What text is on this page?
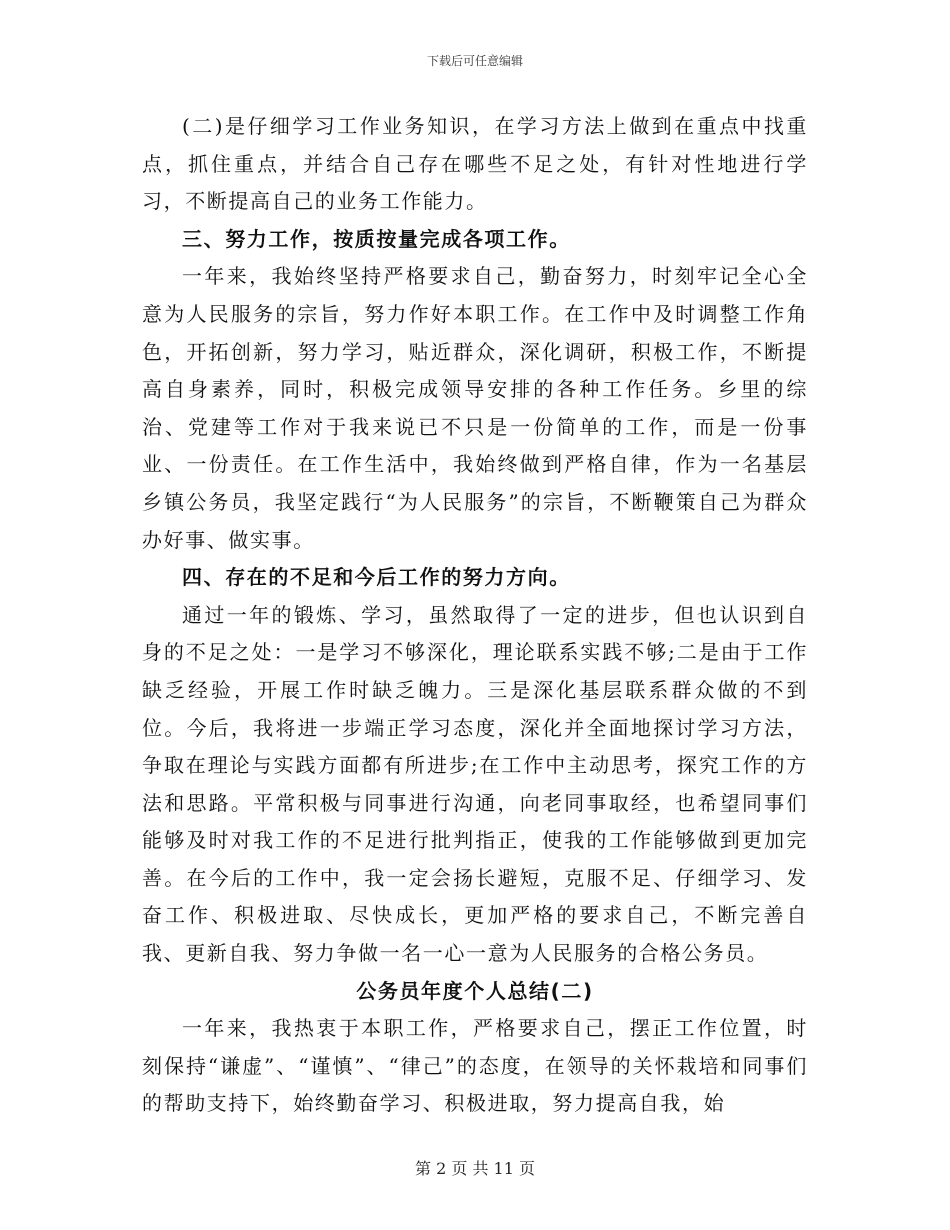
下载后可任意编辑

(二)是仔细学习工作业务知识，在学习方法上做到在重点中找重点，抓住重点，并结合自己存在哪些不足之处，有针对性地进行学习，不断提高自己的业务工作能力。

三、努力工作，按质按量完成各项工作。

一年来，我始终坚持严格要求自己，勤奋努力，时刻牢记全心全意为人民服务的宗旨，努力作好本职工作。在工作中及时调整工作角色，开拓创新，努力学习，贴近群众，深化调研，积极工作，不断提高自身素养，同时，积极完成领导安排的各种工作任务。乡里的综治、党建等工作对于我来说已不只是一份简单的工作，而是一份事业、一份责任。在工作生活中，我始终做到严格自律，作为一名基层乡镇公务员，我坚定践行“为人民服务”的宗旨，不断鞭策自己为群众办好事、做实事。

四、存在的不足和今后工作的努力方向。

通过一年的锻炼、学习，虽然取得了一定的进步，但也认识到自身的不足之处：一是学习不够深化，理论联系实践不够;二是由于工作缺乏经验，开展工作时缺乏魄力。三是深化基层联系群众做的不到位。今后，我将进一步端正学习态度，深化并全面地探讨学习方法，争取在理论与实践方面都有所进步;在工作中主动思考，探究工作的方法和思路。平常积极与同事进行沟通，向老同事取经，也希望同事们能够及时对我工作的不足进行批判指正，使我的工作能够做到更加完善。在今后的工作中，我一定会扬长避短，克服不足、仔细学习、发奋工作、积极进取、尽快成长，更加严格的要求自己，不断完善自我、更新自我、努力争做一名一心一意为人民服务的合格公务员。

公务员年度个人总结(二)

一年来，我热衷于本职工作，严格要求自己，摆正工作位置，时刻保持“谦虚”、“谨慎”、“律己”的态度，在领导的关怀栽培和同事们的帮助支持下，始终勤奋学习、积极进取，努力提高自我，始

第 2 页 共 11 页
